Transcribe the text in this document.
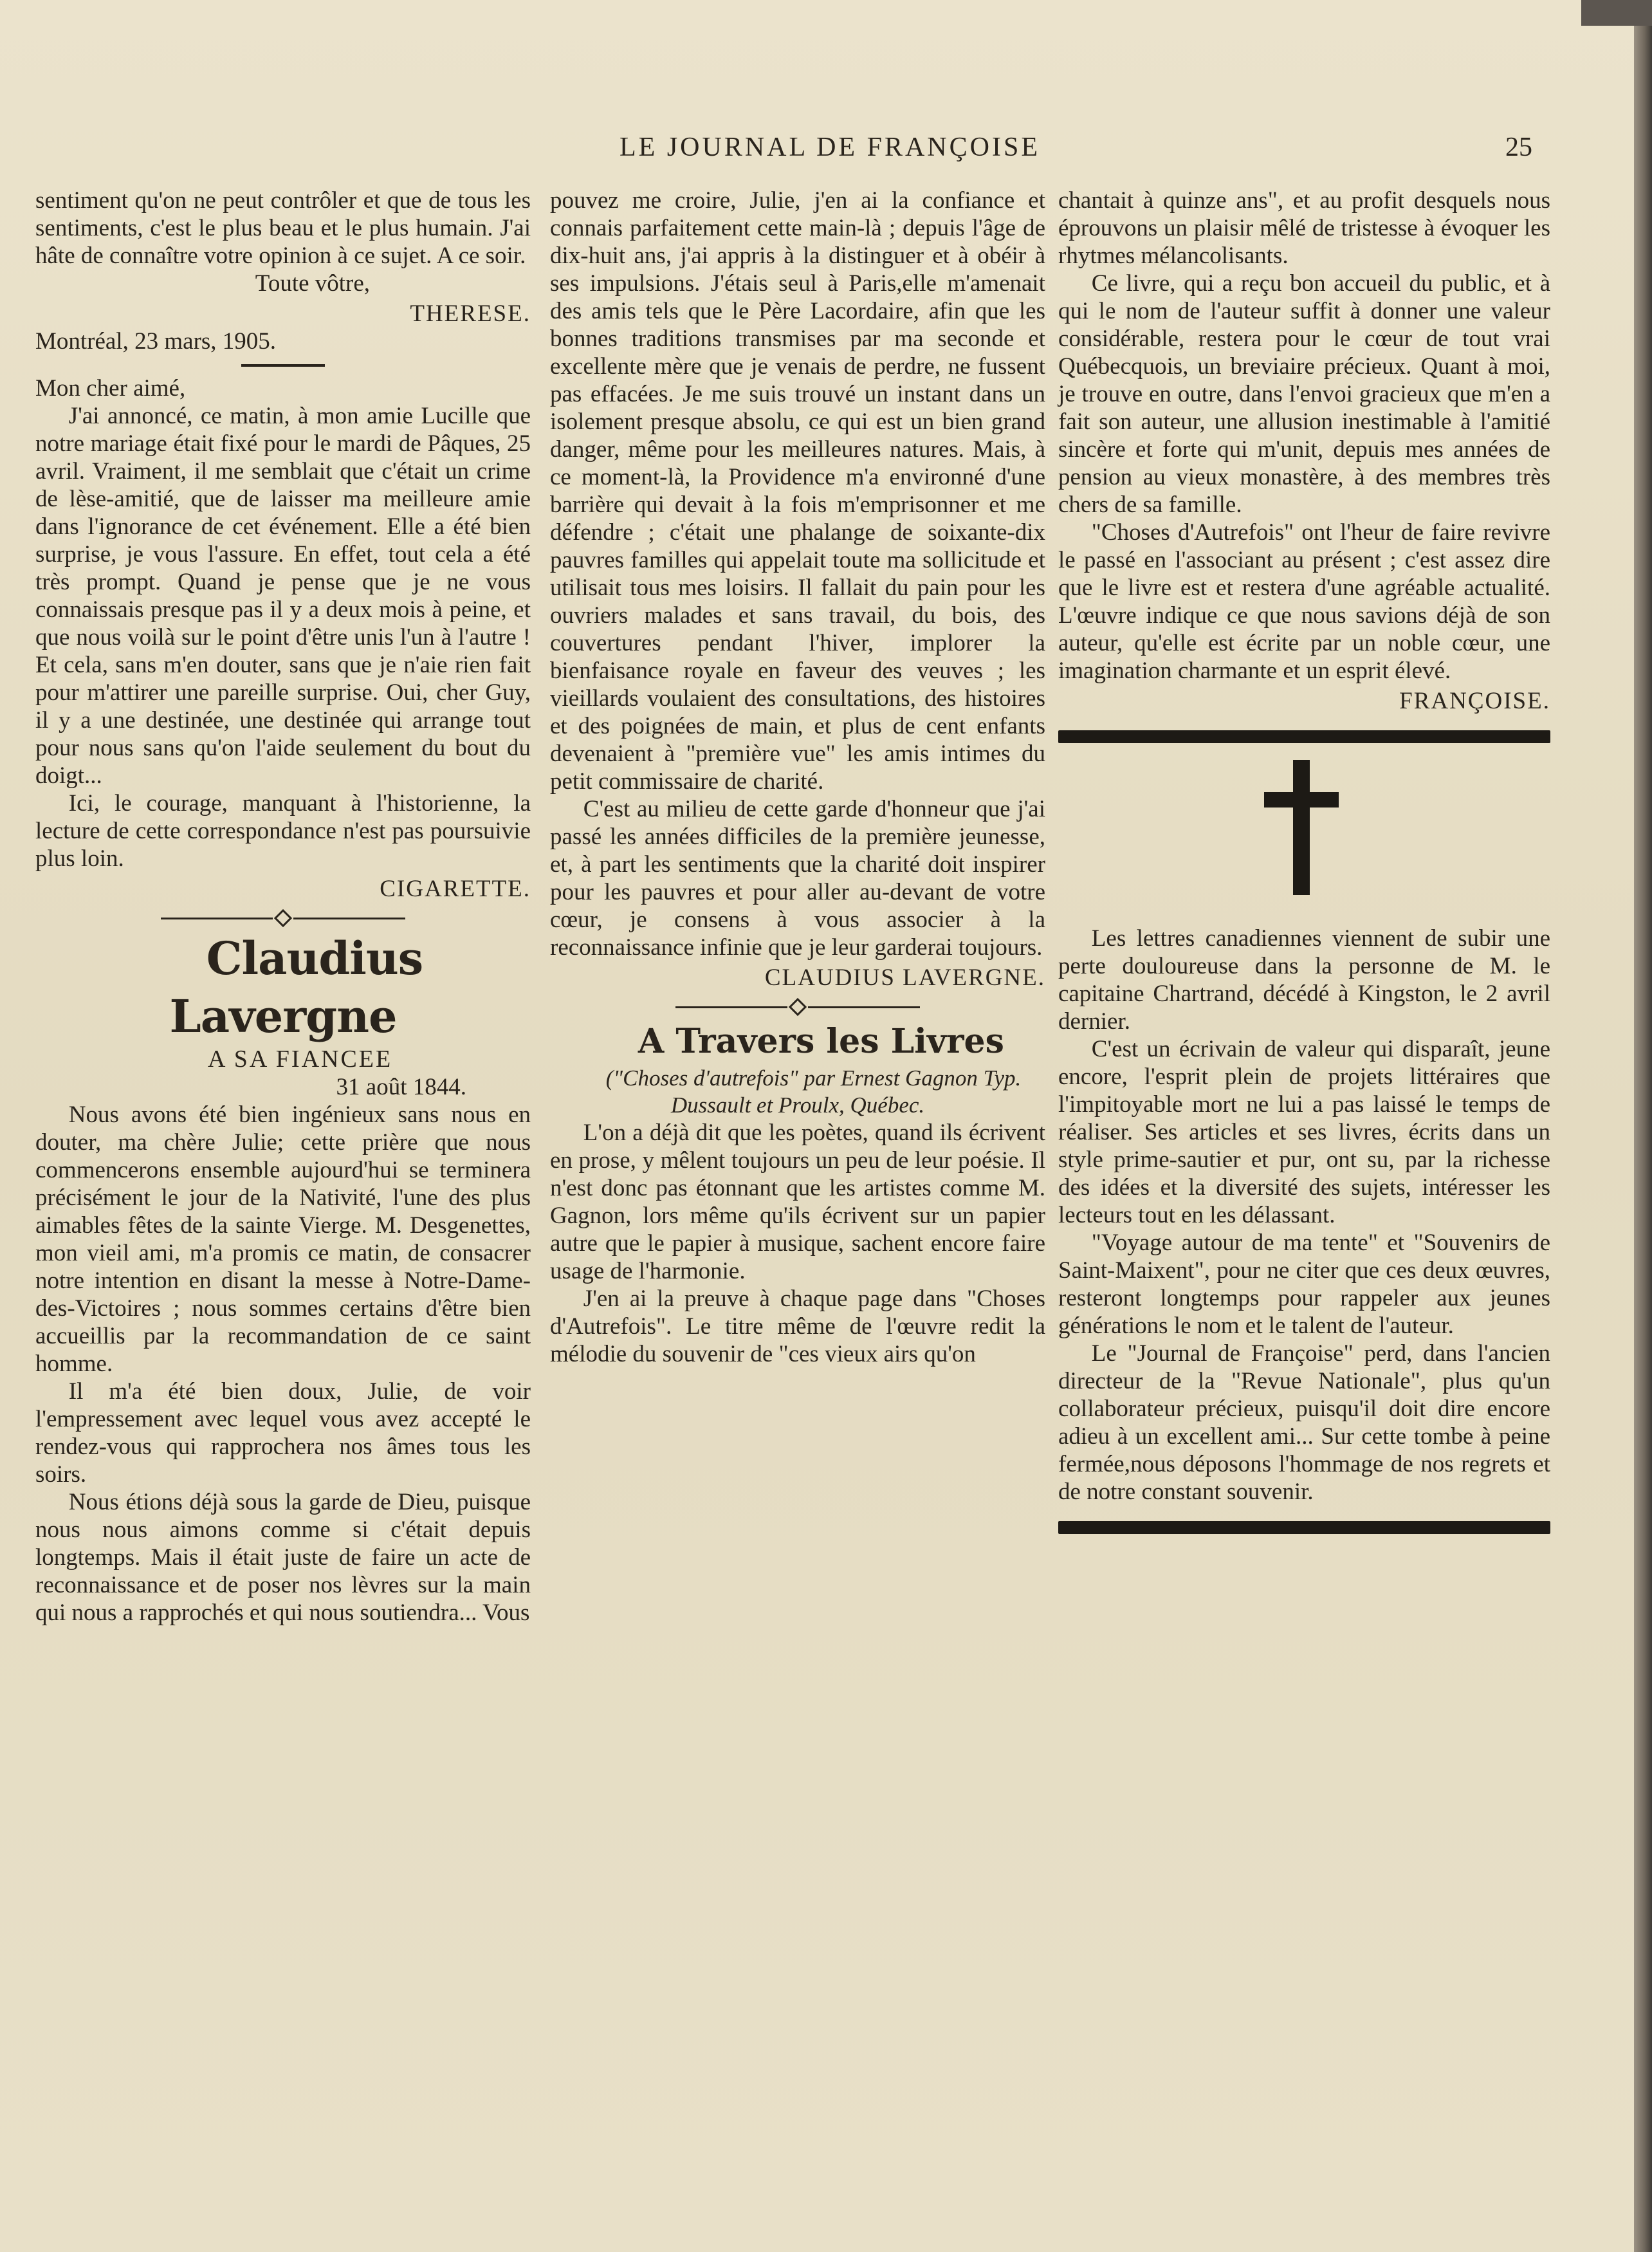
LE JOURNAL DE FRANÇOISE	25

sentiment qu'on ne peut contrôler et que de tous les sentiments, c'est le plus beau et le plus humain. J'ai hâte de connaître votre opinion à ce sujet. A ce soir.

Toute vôtre,

THERESE.

Montréal, 23 mars, 1905.

Mon cher aimé,

J'ai annoncé, ce matin, à mon amie Lucille que notre mariage était fixé pour le mardi de Pâques, 25 avril. Vraiment, il me semblait que c'était un crime de lèse-amitié, que de laisser ma meilleure amie dans l'ignorance de cet événement. Elle a été bien surprise, je vous l'assure. En effet, tout cela a été très prompt. Quand je pense que je ne vous connaissais presque pas il y a deux mois à peine, et que nous voilà sur le point d'être unis l'un à l'autre ! Et cela, sans m'en douter, sans que je n'aie rien fait pour m'attirer une pareille surprise. Oui, cher Guy, il y a une destinée, une destinée qui arrange tout pour nous sans qu'on l'aide seulement du bout du doigt...

Ici, le courage, manquant à l'historienne, la lecture de cette correspondance n'est pas poursuivie plus loin.

CIGARETTE.

Claudius Lavergne

A SA FIANCEE

31 août 1844.

Nous avons été bien ingénieux sans nous en douter, ma chère Julie; cette prière que nous commencerons ensemble aujourd'hui se terminera précisément le jour de la Nativité, l'une des plus aimables fêtes de la sainte Vierge. M. Desgenettes, mon vieil ami, m'a promis ce matin, de consacrer notre intention en disant la messe à Notre-Dame-des-Victoires ; nous sommes certains d'être bien accueillis par la recommandation de ce saint homme.

Il m'a été bien doux, Julie, de voir l'empressement avec lequel vous avez accepté le rendez-vous qui rapprochera nos âmes tous les soirs.

Nous étions déjà sous la garde de Dieu, puisque nous nous aimons comme si c'était depuis longtemps. Mais il était juste de faire un acte de reconnaissance et de poser nos lèvres sur la main qui nous a rapprochés et qui nous soutiendra... Vous

pouvez me croire, Julie, j'en ai la confiance et connais parfaitement cette main-là ; depuis l'âge de dix-huit ans, j'ai appris à la distinguer et à obéir à ses impulsions. J'étais seul à Paris,elle m'amenait des amis tels que le Père Lacordaire, afin que les bonnes traditions transmises par ma seconde et excellente mère que je venais de perdre, ne fussent pas effacées. Je me suis trouvé un instant dans un isolement presque absolu, ce qui est un bien grand danger, même pour les meilleures natures. Mais, à ce moment-là, la Providence m'a environné d'une barrière qui devait à la fois m'emprisonner et me défendre ; c'était une phalange de soixante-dix pauvres familles qui appelait toute ma sollicitude et utilisait tous mes loisirs. Il fallait du pain pour les ouvriers malades et sans travail, du bois, des couvertures pendant l'hiver, implorer la bienfaisance royale en faveur des veuves ; les vieillards voulaient des consultations, des histoires et des poignées de main, et plus de cent enfants devenaient à "première vue" les amis intimes du petit commissaire de charité.

C'est au milieu de cette garde d'honneur que j'ai passé les années difficiles de la première jeunesse, et, à part les sentiments que la charité doit inspirer pour les pauvres et pour aller au-devant de votre cœur, je consens à vous associer à la reconnaissance infinie que je leur garderai toujours.

CLAUDIUS LAVERGNE.

A Travers les Livres

("Choses d'autrefois" par Ernest Gagnon Typ. Dussault et Proulx, Québec.

L'on a déjà dit que les poètes, quand ils écrivent en prose, y mêlent toujours un peu de leur poésie. Il n'est donc pas étonnant que les artistes comme M. Gagnon, lors même qu'ils écrivent sur un papier autre que le papier à musique, sachent encore faire usage de l'harmonie.

J'en ai la preuve à chaque page dans "Choses d'Autrefois". Le titre même de l'œuvre redit la mélodie du souvenir de "ces vieux airs qu'on

chantait à quinze ans", et au profit desquels nous éprouvons un plaisir mêlé de tristesse à évoquer les rhytmes mélancolisants.

Ce livre, qui a reçu bon accueil du public, et à qui le nom de l'auteur suffit à donner une valeur considérable, restera pour le cœur de tout vrai Québecquois, un breviaire précieux. Quant à moi, je trouve en outre, dans l'envoi gracieux que m'en a fait son auteur, une allusion inestimable à l'amitié sincère et forte qui m'unit, depuis mes années de pension au vieux monastère, à des membres très chers de sa famille.

"Choses d'Autrefois" ont l'heur de faire revivre le passé en l'associant au présent ; c'est assez dire que le livre est et restera d'une agréable actualité. L'œuvre indique ce que nous savions déjà de son auteur, qu'elle est écrite par un noble cœur, une imagination charmante et un esprit élevé.

FRANÇOISE.

Les lettres canadiennes viennent de subir une perte douloureuse dans la personne de M. le capitaine Chartrand, décédé à Kingston, le 2 avril dernier.

C'est un écrivain de valeur qui disparaît, jeune encore, l'esprit plein de projets littéraires que l'impitoyable mort ne lui a pas laissé le temps de réaliser. Ses articles et ses livres, écrits dans un style prime-sautier et pur, ont su, par la richesse des idées et la diversité des sujets, intéresser les lecteurs tout en les délassant.

"Voyage autour de ma tente" et "Souvenirs de Saint-Maixent", pour ne citer que ces deux œuvres, resteront longtemps pour rappeler aux jeunes générations le nom et le talent de l'auteur.

Le "Journal de Françoise" perd, dans l'ancien directeur de la "Revue Nationale", plus qu'un collaborateur précieux, puisqu'il doit dire encore adieu à un excellent ami... Sur cette tombe à peine fermée,nous déposons l'hommage de nos regrets et de notre constant souvenir.
